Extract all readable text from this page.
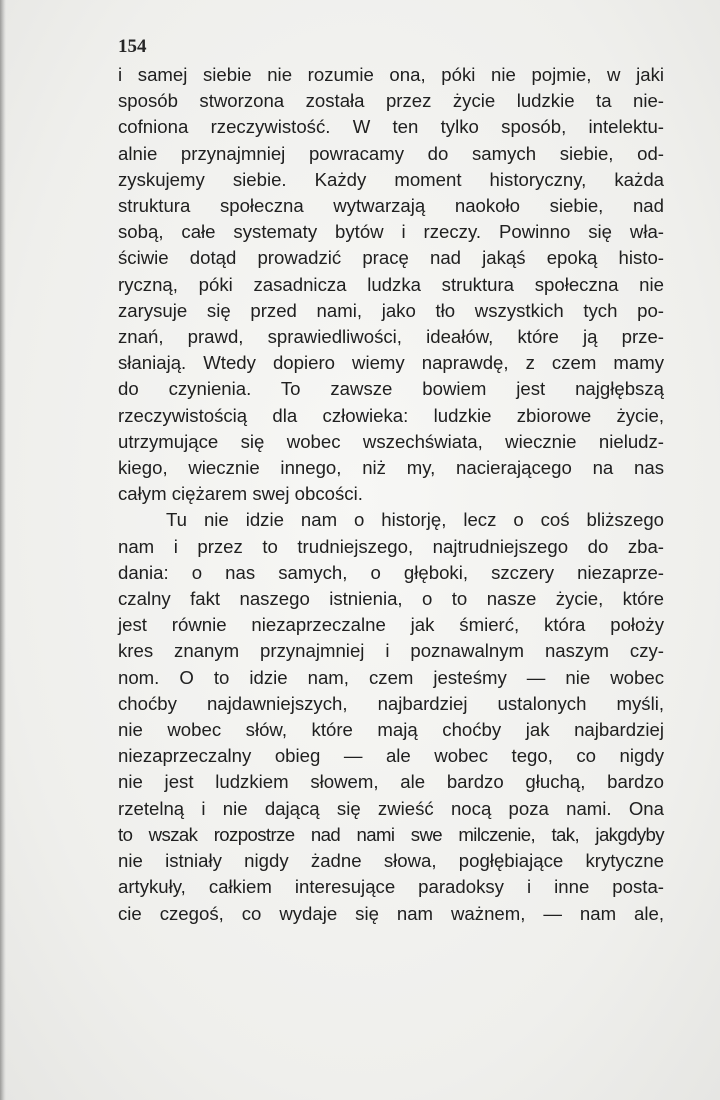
154

i samej siebie nie rozumie ona, póki nie pojmie, w jaki
sposób stworzona została przez życie ludzkie ta nie-
cofniona rzeczywistość. W ten tylko sposób, intelektu-
alnie przynajmniej powracamy do samych siebie, od-
zyskujemy siebie. Każdy moment historyczny, każda
struktura społeczna wytwarzają naokoło siebie, nad
sobą, całe systematy bytów i rzeczy. Powinno się wła-
ściwie dotąd prowadzić pracę nad jakąś epoką histo-
ryczną, póki zasadnicza ludzka struktura społeczna nie
zarysuje się przed nami, jako tło wszystkich tych po-
znań, prawd, sprawiedliwości, ideałów, które ją prze-
słaniają. Wtedy dopiero wiemy naprawdę, z czem mamy
do czynienia. To zawsze bowiem jest najgłębszą
rzeczywistością dla człowieka: ludzkie zbiorowe życie,
utrzymujące się wobec wszechświata, wiecznie nieludz-
kiego, wiecznie innego, niż my, nacierającego na nas
całym ciężarem swej obcości.

Tu nie idzie nam o historję, lecz o coś bliższego
nam i przez to trudniejszego, najtrudniejszego do zba-
dania: o nas samych, o głęboki, szczery niezaprze-
czalny fakt naszego istnienia, o to nasze życie, które
jest równie niezaprzeczalne jak śmierć, która położy
kres znanym przynajmniej i poznawalnym naszym czy-
nom. O to idzie nam, czem jesteśmy — nie wobec
choćby najdawniejszych, najbardziej ustalonych myśli,
nie wobec słów, które mają choćby jak najbardziej
niezaprzeczalny obieg — ale wobec tego, co nigdy
nie jest ludzkiem słowem, ale bardzo głuchą, bardzo
rzetelną i nie dającą się zwieść nocą poza nami. Ona
to wszak rozpostrze nad nami swe milczenie, tak, jakgdyby
nie istniały nigdy żadne słowa, pogłębiające krytyczne
artykuły, całkiem interesujące paradoksy i inne posta-
cie czegoś, co wydaje się nam ważnem, — nam ale,
